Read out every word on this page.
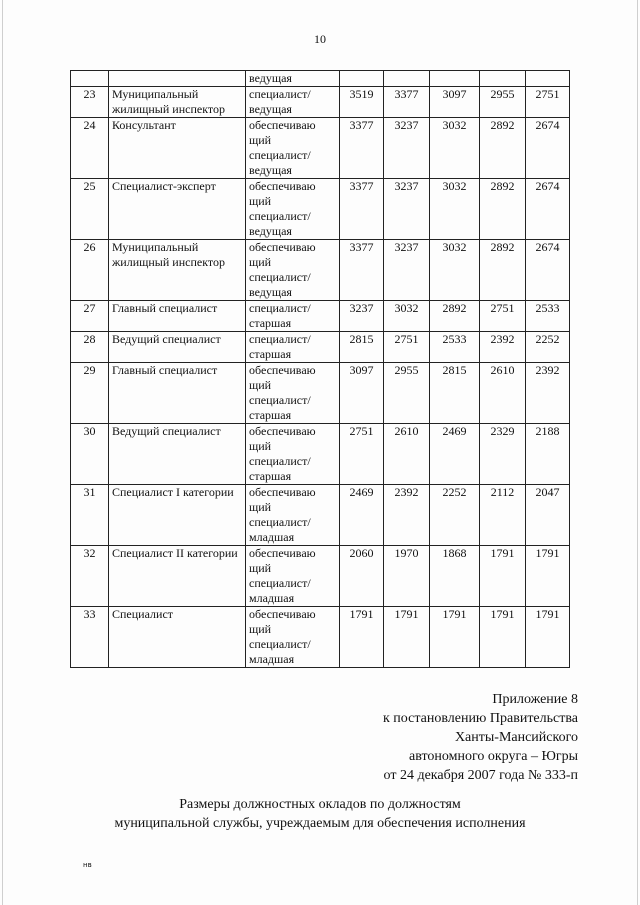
10
		ведущая					
23	Муниципальный жилищный инспектор	специалист/
ведущая	3519	3377	3097	2955	2751
24	Консультант	обеспечиваю
щий
специалист/
ведущая	3377	3237	3032	2892	2674
25	Специалист-эксперт	обеспечиваю
щий
специалист/
ведущая	3377	3237	3032	2892	2674
26	Муниципальный жилищный инспектор	обеспечиваю
щий
специалист/
ведущая	3377	3237	3032	2892	2674
27	Главный специалист	специалист/
старшая	3237	3032	2892	2751	2533
28	Ведущий специалист	специалист/
старшая	2815	2751	2533	2392	2252
29	Главный специалист	обеспечиваю
щий
специалист/
старшая	3097	2955	2815	2610	2392
30	Ведущий специалист	обеспечиваю
щий
специалист/
старшая	2751	2610	2469	2329	2188
31	Специалист I категории	обеспечиваю
щий
специалист/
младшая	2469	2392	2252	2112	2047
32	Специалист II категории	обеспечиваю
щий
специалист/
младшая	2060	1970	1868	1791	1791
33	Специалист	обеспечиваю
щий
специалист/
младшая	1791	1791	1791	1791	1791
Приложение 8
к постановлению Правительства
Ханты-Мансийского
автономного округа – Югры
от 24 декабря 2007 года № 333-п
Размеры должностных окладов по должностям
муниципальной службы, учреждаемым для обеспечения исполнения
нв
